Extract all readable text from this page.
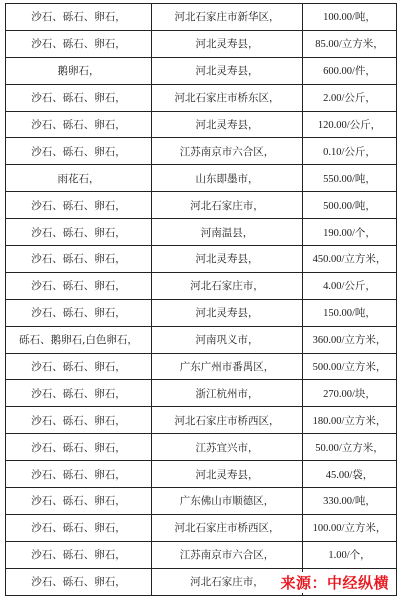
沙石、砾石、卵石，	河北石家庄市新华区，	100.00/吨，
沙石、砾石、卵石，	河北灵寿县，	85.00/立方米，
鹅卵石，	河北灵寿县，	600.00/件，
沙石、砾石、卵石，	河北石家庄市桥东区，	2.00/公斤，
沙石、砾石、卵石，	河北灵寿县，	120.00/公斤，
沙石、砾石、卵石，	江苏南京市六合区，	0.10/公斤，
雨花石，	山东即墨市，	550.00/吨，
沙石、砾石、卵石，	河北石家庄市，	500.00/吨，
沙石、砾石、卵石，	河南温县，	190.00/个，
沙石、砾石、卵石，	河北灵寿县，	450.00/立方米，
沙石、砾石、卵石，	河北石家庄市，	4.00/公斤，
沙石、砾石、卵石，	河北灵寿县，	150.00/吨，
砾石、鹅卵石,白色卵石，	河南巩义市，	360.00/立方米，
沙石、砾石、卵石，	广东广州市番禺区，	500.00/立方米，
沙石、砾石、卵石，	浙江杭州市，	270.00/块，
沙石、砾石、卵石，	河北石家庄市桥西区，	180.00/立方米，
沙石、砾石、卵石，	江苏宜兴市，	50.00/立方米，
沙石、砾石、卵石，	河北灵寿县，	45.00/袋，
沙石、砾石、卵石，	广东佛山市顺德区，	330.00/吨，
沙石、砾石、卵石，	河北石家庄市桥西区，	100.00/立方米，
沙石、砾石、卵石，	江苏南京市六合区，	1.00/个，
沙石、砾石、卵石，	河北石家庄市，	来源：中经纵横
